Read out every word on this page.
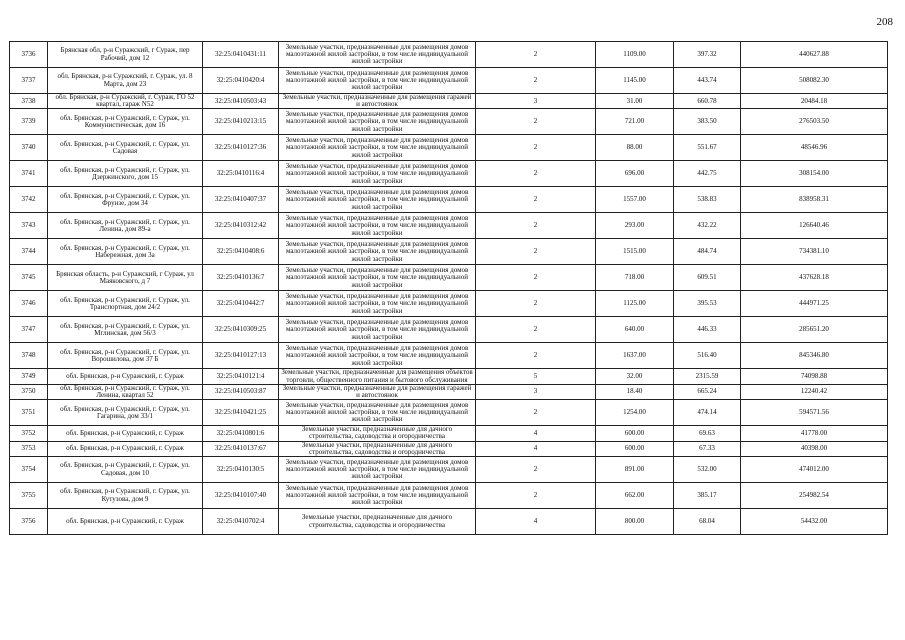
208
3736	Брянская обл, р-н Суражский, г Сураж, пер Рабочий, дом 12	32:25:0410431:11	Земельные участки, предназначенные для размещения домов малоэтажной жилой застройки, в том числе индивидуальной жилой застройки	2	1109.00	397.32	440627.88
3737	обл. Брянская, р-н Суражский, г. Сураж, ул. 8 Марта, дом 23	32:25:0410420:4	Земельные участки, предназначенные для размещения домов малоэтажной жилой застройки, в том числе индивидуальной жилой застройки	2	1145.00	443.74	508082.30
3738	обл. Брянская, р-н Суражский, г. Сураж, ГО 52 квартал, гараж N52	32:25:0410503:43	Земельные участки, предназначенные для размещения гаражей и автостоянок	3	31.00	660.78	20484.18
3739	обл. Брянская, р-н Суражский, г. Сураж, ул. Коммунистическая, дом 16	32:25:0410213:15	Земельные участки, предназначенные для размещения домов малоэтажной жилой застройки, в том числе индивидуальной жилой застройки	2	721.00	383.50	276503.50
3740	обл. Брянская, р-н Суражский, г. Сураж, ул. Садовая	32:25:0410127:36	Земельные участки, предназначенные для размещения домов малоэтажной жилой застройки, в том числе индивидуальной жилой застройки	2	88.00	551.67	48546.96
3741	обл. Брянская, р-н Суражский, г. Сураж, ул. Дзержинского, дом 15	32:25:0410116:4	Земельные участки, предназначенные для размещения домов малоэтажной жилой застройки, в том числе индивидуальной жилой застройки	2	696.00	442.75	308154.00
3742	обл. Брянская, р-н Суражский, г. Сураж, ул. Фрунзе, дом 34	32:25:0410407:37	Земельные участки, предназначенные для размещения домов малоэтажной жилой застройки, в том числе индивидуальной жилой застройки	2	1557.00	538.83	838958.31
3743	обл. Брянская, р-н Суражский, г. Сураж, ул. Ленина, дом 89-а	32:25:0410312:42	Земельные участки, предназначенные для размещения домов малоэтажной жилой застройки, в том числе индивидуальной жилой застройки	2	293.00	432.22	126640.46
3744	обл. Брянская, р-н Суражский, г. Сураж, ул. Набережная, дом 3а	32:25:0410408:6	Земельные участки, предназначенные для размещения домов малоэтажной жилой застройки, в том числе индивидуальной жилой застройки	2	1515.00	484.74	734381.10
3745	Брянская область, р-н Суражский, г Сураж, ул Маяковского, д 7	32:25:0410136:7	Земельные участки, предназначенные для размещения домов малоэтажной жилой застройки, в том числе индивидуальной жилой застройки	2	718.00	609.51	437628.18
3746	обл. Брянская, р-н Суражский, г. Сураж, ул. Транспортная, дом 24/2	32:25:0410442:7	Земельные участки, предназначенные для размещения домов малоэтажной жилой застройки, в том числе индивидуальной жилой застройки	2	1125.00	395.53	444971.25
3747	обл. Брянская, р-н Суражский, г. Сураж, ул. Мглинская, дом 56/3	32:25:0410309:25	Земельные участки, предназначенные для размещения домов малоэтажной жилой застройки, в том числе индивидуальной жилой застройки	2	640.00	446.33	285651.20
3748	обл. Брянская, р-н Суражский, г. Сураж, ул. Ворошилова, дом 37 Б	32:25:0410127:13	Земельные участки, предназначенные для размещения домов малоэтажной жилой застройки, в том числе индивидуальной жилой застройки	2	1637.00	516.40	845346.80
3749	обл. Брянская, р-н Суражский, г. Сураж	32:25:0410121:4	Земельные участки, предназначенные для размещения объектов торговли, общественного питания и бытового обслуживания	5	32.00	2315.59	74098.88
3750	обл. Брянская, р-н Суражский, г. Сураж, ул. Ленина, квартал 52	32:25:0410503:87	Земельные участки, предназначенные для размещения гаражей и автостоянок	3	18.40	665.24	12240.42
3751	обл. Брянская, р-н Суражский, г. Сураж, ул. Гагарина, дом 33/1	32:25:0410421:25	Земельные участки, предназначенные для размещения домов малоэтажной жилой застройки, в том числе индивидуальной жилой застройки	2	1254.00	474.14	594571.56
3752	обл. Брянская, р-н Суражский, г. Сураж	32:25:0410801:6	Земельные участки, предназначенные для дачного строительства, садоводства и огородничества	4	600.00	69.63	41778.00
3753	обл. Брянская, р-н Суражский, г. Сураж	32:25:0410137:67	Земельные участки, предназначенные для дачного строительства, садоводства и огородничества	4	600.00	67.33	40398.00
3754	обл. Брянская, р-н Суражский, г. Сураж, ул. Садовая, дом 10	32:25:0410130:5	Земельные участки, предназначенные для размещения домов малоэтажной жилой застройки, в том числе индивидуальной жилой застройки	2	891.00	532.00	474012.00
3755	обл. Брянская, р-н Суражский, г. Сураж, ул. Кутузова, дом 9	32:25:0410107:40	Земельные участки, предназначенные для размещения домов малоэтажной жилой застройки, в том числе индивидуальной жилой застройки	2	662.00	385.17	254982.54
3756	обл. Брянская, р-н Суражский, г. Сураж	32:25:0410702:4	Земельные участки, предназначенные для дачного строительства, садоводства и огородничества	4	800.00	68.04	54432.00
